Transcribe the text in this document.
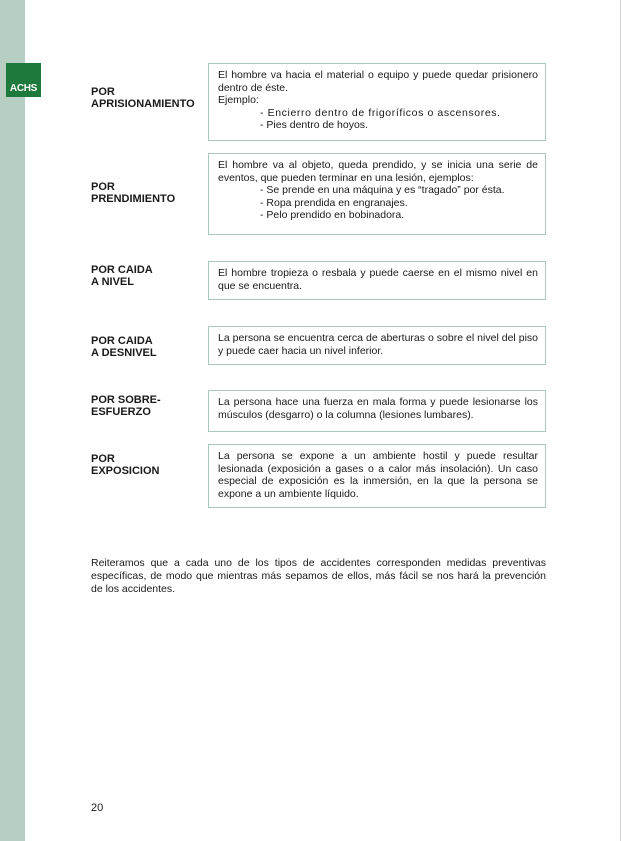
ACHS	POR
APRISIONAMIENTO
El hombre va hacia el material o equipo y puede quedar prisionero dentro de éste.
Ejemplo:
- Encierro dentro de frigoríficos o ascensores.
- Pies dentro de hoyos.
POR
PRENDIMIENTO
El hombre va al objeto, queda prendido, y se inicia una serie de eventos, que pueden terminar en una lesión, ejemplos:
- Se prende en una máquina y es “tragado” por ésta.
- Ropa prendida en engranajes.
- Pelo prendido en bobinadora.
POR CAIDA
A NIVEL
El hombre tropieza o resbala y puede caerse en el mismo nivel en que se encuentra.
POR CAIDA
A DESNIVEL
La persona se encuentra cerca de aberturas o sobre el nivel del piso y puede caer hacia un nivel inferior.
POR SOBRE-
ESFUERZO
La persona hace una fuerza en mala forma y puede lesionarse los músculos (desgarro) o la columna (lesiones lumbares).
POR
EXPOSICION
La persona se expone a un ambiente hostil y puede resultar lesionada (exposición a gases o a calor más insolación). Un caso especial de exposición es la inmersión, en la que la persona se expone a un ambiente líquido.
Reiteramos que a cada uno de los tipos de accidentes corresponden medidas preventivas específicas, de modo que mientras más sepamos de ellos, más fácil se nos hará la prevención de los accidentes.
20
